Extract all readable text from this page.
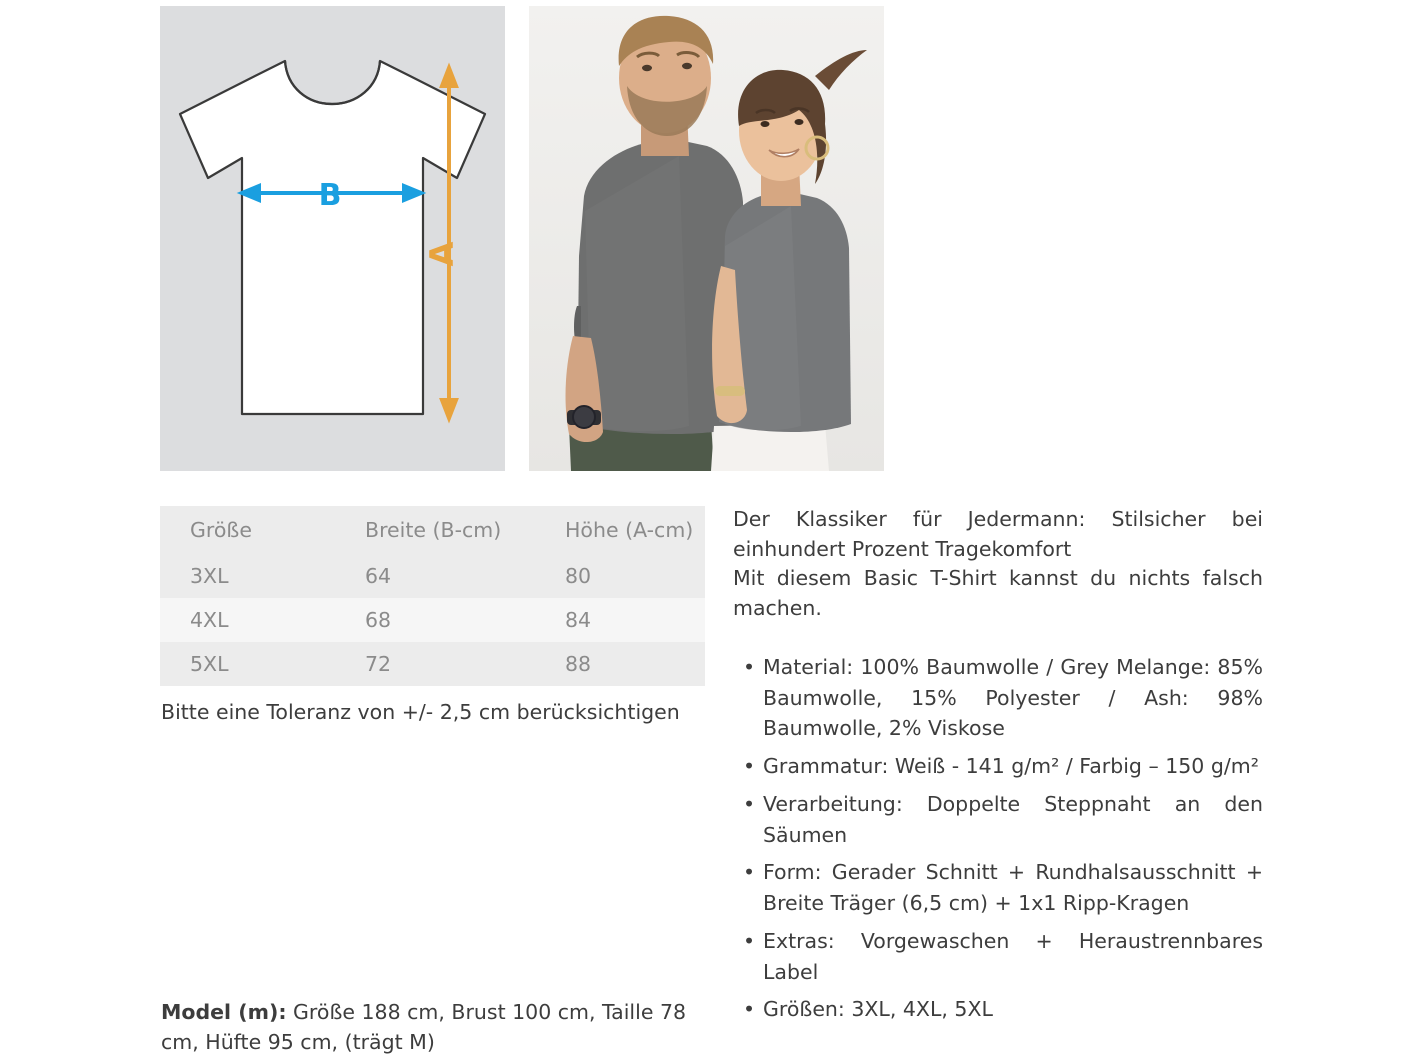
B
A
Größe	Breite (B-cm)	Höhe (A-cm)
3XL	64	80
4XL	68	84
5XL	72	88
Bitte eine Toleranz von +/- 2,5 cm berücksichtigen
Model (m): Größe 188 cm, Brust 100 cm, Taille 78 cm, Hüfte 95 cm, (trägt M)

Der Klassiker für Jedermann: Stilsicher bei einhundert Prozent Tragekomfort
Mit diesem Basic T-Shirt kannst du nichts falsch machen.

• Material: 100% Baumwolle / Grey Melange: 85% Baumwolle, 15% Polyester / Ash: 98% Baumwolle, 2% Viskose
• Grammatur: Weiß - 141 g/m² / Farbig – 150 g/m²
• Verarbeitung: Doppelte Steppnaht an den Säumen
• Form: Gerader Schnitt + Rundhalsausschnitt + Breite Träger (6,5 cm) + 1x1 Ripp-Kragen
• Extras: Vorgewaschen + Heraustrennbares Label
• Größen: 3XL, 4XL, 5XL
